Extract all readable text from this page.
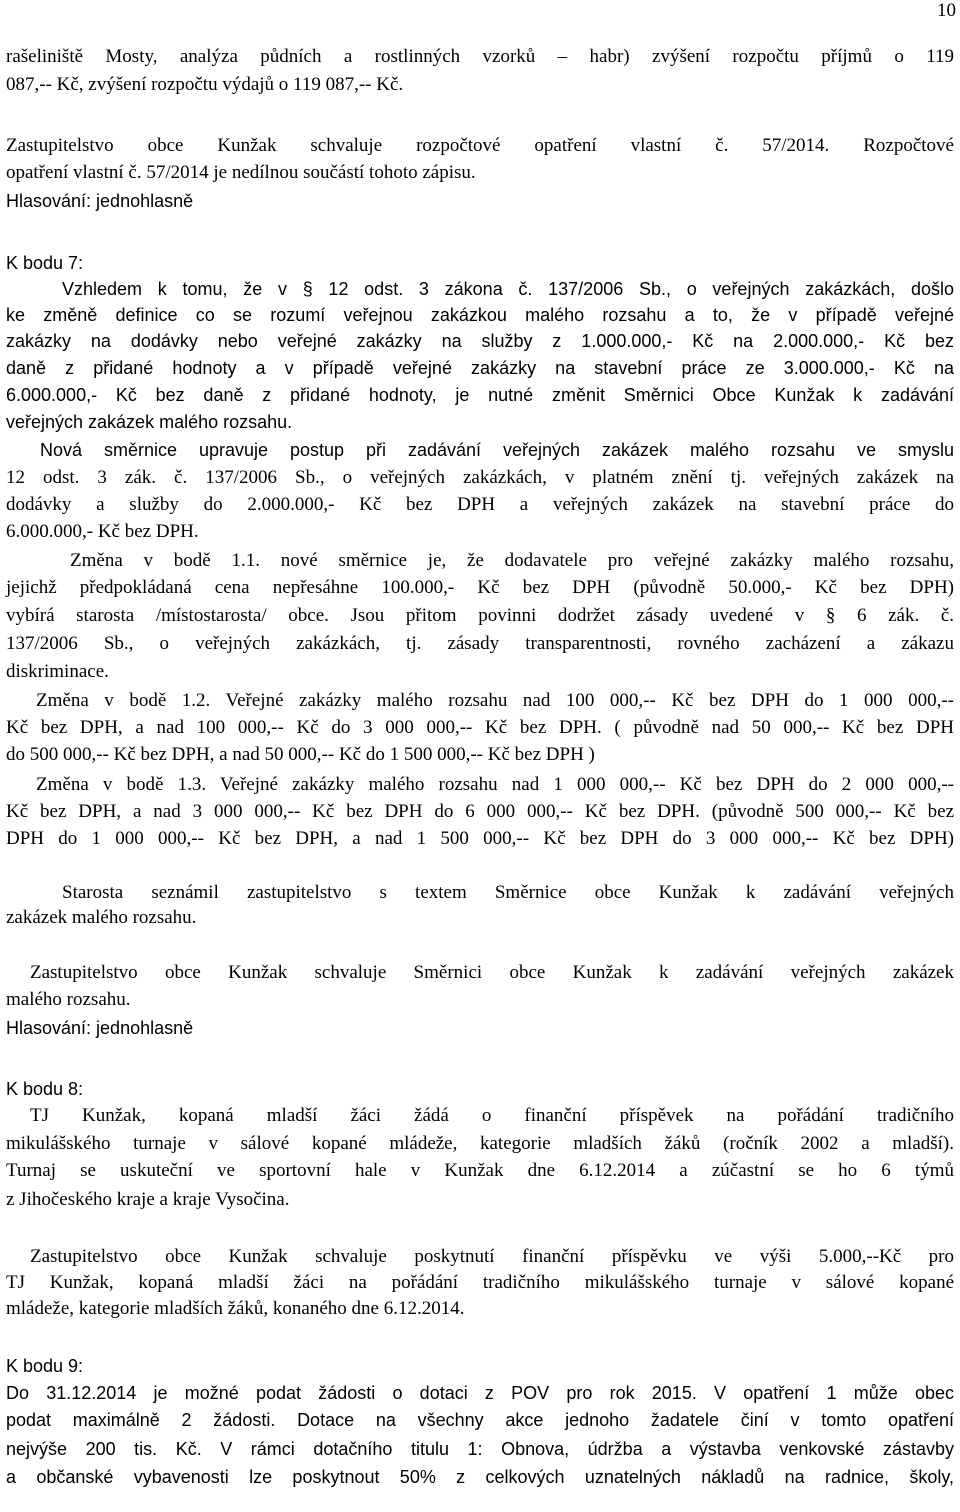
10
rašeliniště Mosty, analýza půdních a rostlinných vzorků – habr) zvýšení rozpočtu příjmů o 119
087,-- Kč, zvýšení rozpočtu výdajů o 119 087,-- Kč.
Zastupitelstvo obce Kunžak schvaluje rozpočtové opatření vlastní č. 57/2014. Rozpočtové
opatření vlastní č. 57/2014 je nedílnou součástí tohoto zápisu.
Hlasování: jednohlasně
K bodu 7:
Vzhledem k tomu, že v § 12 odst. 3 zákona č. 137/2006 Sb., o veřejných zakázkách, došlo
ke změně definice co se rozumí veřejnou zakázkou malého rozsahu a to, že v případě veřejné
zakázky na dodávky nebo veřejné zakázky na služby z 1.000.000,- Kč na 2.000.000,- Kč bez
daně z přidané hodnoty a v případě veřejné zakázky na stavební práce ze 3.000.000,- Kč na
6.000.000,- Kč bez daně z přidané hodnoty, je nutné změnit Směrnici Obce Kunžak k zadávání
veřejných zakázek malého rozsahu.
Nová směrnice upravuje postup při zadávání veřejných zakázek malého rozsahu ve smyslu
12 odst. 3 zák. č. 137/2006 Sb., o veřejných zakázkách, v platném znění tj. veřejných zakázek na
dodávky a služby do 2.000.000,- Kč bez DPH a veřejných zakázek na stavební práce do
6.000.000,- Kč bez DPH.
Změna v bodě 1.1. nové směrnice je, že dodavatele pro veřejné zakázky malého rozsahu,
jejichž předpokládaná cena nepřesáhne 100.000,- Kč bez DPH (původně 50.000,- Kč bez DPH)
vybírá starosta /místostarosta/ obce. Jsou přitom povinni dodržet zásady uvedené v § 6 zák. č.
137/2006 Sb., o veřejných zakázkách, tj. zásady transparentnosti, rovného zacházení a zákazu
diskriminace.
Změna v bodě 1.2. Veřejné zakázky malého rozsahu nad 100 000,-- Kč bez DPH do 1 000 000,--
Kč bez DPH, a nad 100 000,-- Kč do 3 000 000,-- Kč bez DPH. ( původně nad 50 000,-- Kč bez DPH
do 500 000,-- Kč bez DPH, a nad 50 000,-- Kč do 1 500 000,-- Kč bez DPH )
Změna v bodě 1.3. Veřejné zakázky malého rozsahu nad 1 000 000,-- Kč bez DPH do 2 000 000,--
Kč bez DPH, a nad 3 000 000,-- Kč bez DPH do 6 000 000,-- Kč bez DPH. (původně 500 000,-- Kč bez
DPH do 1 000 000,-- Kč bez DPH, a nad 1 500 000,-- Kč bez DPH do 3 000 000,-- Kč bez DPH)
Starosta seznámil zastupitelstvo s textem Směrnice obce Kunžak k zadávání veřejných
zakázek malého rozsahu.
Zastupitelstvo obce Kunžak schvaluje Směrnici obce Kunžak k zadávání veřejných zakázek
malého rozsahu.
Hlasování: jednohlasně
K bodu 8:
TJ Kunžak, kopaná mladší žáci žádá o finanční příspěvek na pořádání tradičního
mikulášského turnaje v sálové kopané mládeže, kategorie mladších žáků (ročník 2002 a mladší).
Turnaj se uskuteční ve sportovní hale v Kunžak dne 6.12.2014 a zúčastní se ho 6 týmů
z Jihočeského kraje a kraje Vysočina.
Zastupitelstvo obce Kunžak schvaluje poskytnutí finanční příspěvku ve výši 5.000,--Kč pro
TJ Kunžak, kopaná mladší žáci na pořádání tradičního mikulášského turnaje v sálové kopané
mládeže, kategorie mladších žáků, konaného dne 6.12.2014.
K bodu 9:
Do 31.12.2014 je možné podat žádosti o dotaci z POV pro rok 2015. V opatření 1 může obec
podat maximálně 2 žádosti. Dotace na všechny akce jednoho žadatele činí v tomto opatření
nejvýše 200 tis. Kč. V rámci dotačního titulu 1: Obnova, údržba a výstavba venkovské zástavby
a občanské vybavenosti lze poskytnout 50% z celkových uznatelných nákladů na radnice, školy,
